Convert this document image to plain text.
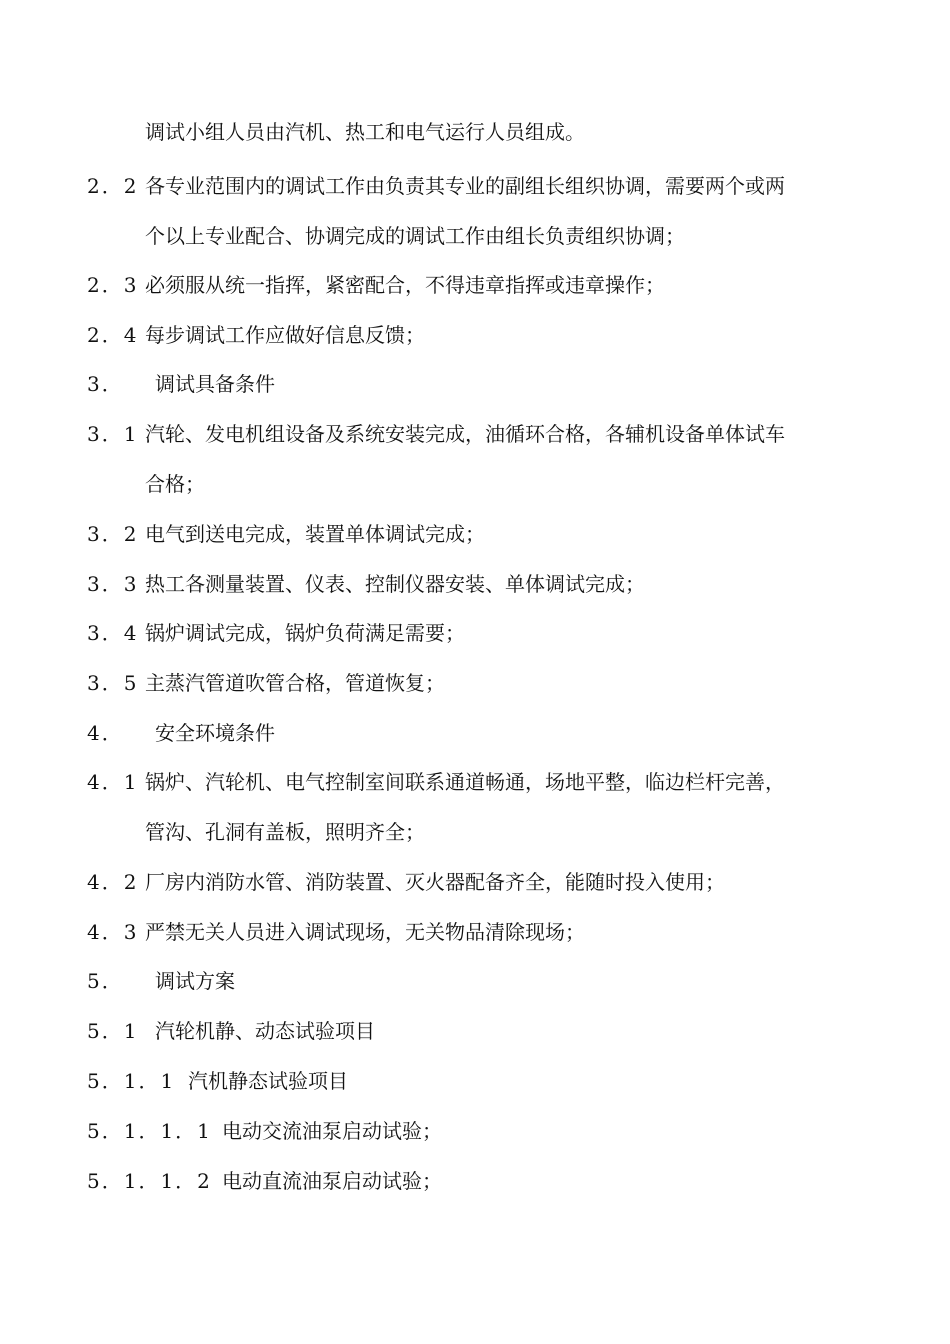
调试小组人员由汽机、热工和电气运行人员组成。
2．2 各专业范围内的调试工作由负责其专业的副组长组织协调，需要两个或两
个以上专业配合、协调完成的调试工作由组长负责组织协调；
2．3 必须服从统一指挥，紧密配合，不得违章指挥或违章操作；
2．4 每步调试工作应做好信息反馈；
3． 调试具备条件
3．1 汽轮、发电机组设备及系统安装完成，油循环合格，各辅机设备单体试车
合格；
3．2 电气到送电完成，装置单体调试完成；
3．3 热工各测量装置、仪表、控制仪器安装、单体调试完成；
3．4 锅炉调试完成，锅炉负荷满足需要；
3．5 主蒸汽管道吹管合格，管道恢复；
4． 安全环境条件
4．1 锅炉、汽轮机、电气控制室间联系通道畅通，场地平整，临边栏杆完善，
管沟、孔洞有盖板，照明齐全；
4．2 厂房内消防水管、消防装置、灭火器配备齐全，能随时投入使用；
4．3 严禁无关人员进入调试现场，无关物品清除现场；
5． 调试方案
5．1 汽轮机静、动态试验项目
5．1．1 汽机静态试验项目
5．1．1．1 电动交流油泵启动试验；
5．1．1．2 电动直流油泵启动试验；
